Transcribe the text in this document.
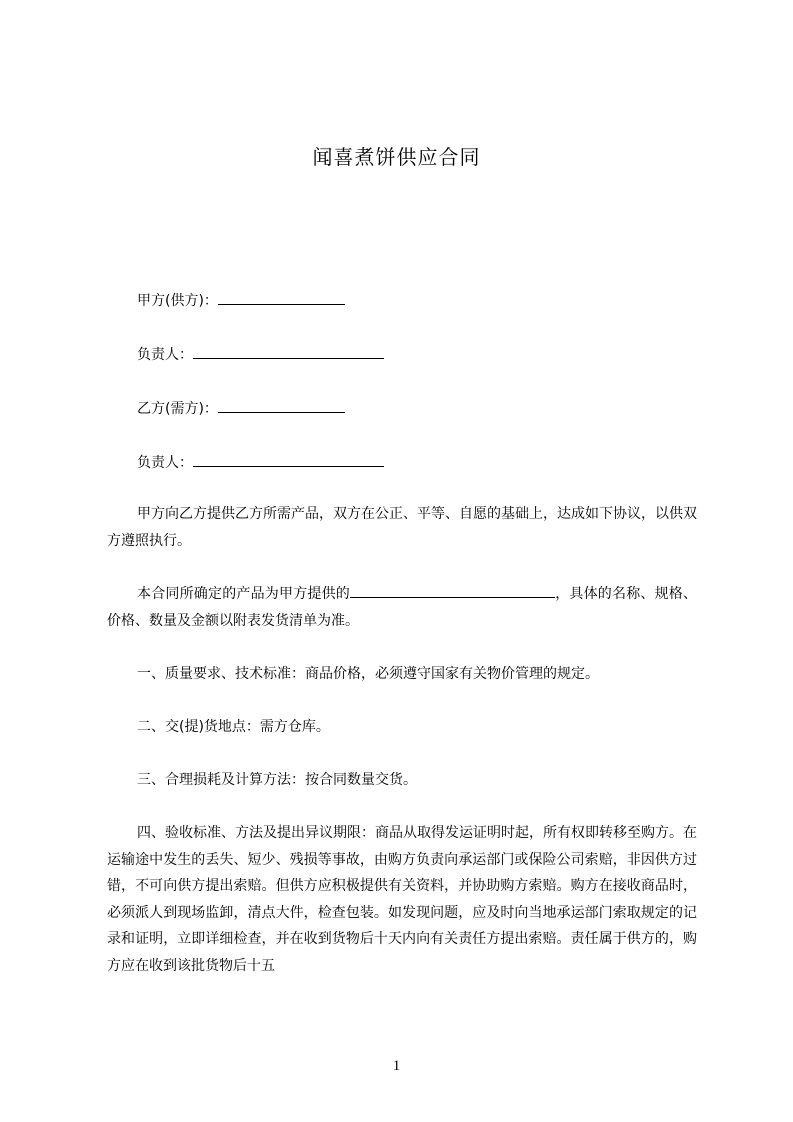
闻喜煮饼供应合同
甲方(供方)：
负责人：
乙方(需方)：
负责人：
甲方向乙方提供乙方所需产品，双方在公正、平等、自愿的基础上，达成如下协议，以供双方遵照执行。
本合同所确定的产品为甲方提供的	，具体的名称、规格、价格、数量及金额以附表发货清单为准。
一、质量要求、技术标准：商品价格，必须遵守国家有关物价管理的规定。
二、交(提)货地点：需方仓库。
三、合理损耗及计算方法：按合同数量交货。
四、验收标准、方法及提出异议期限：商品从取得发运证明时起，所有权即转移至购方。在运输途中发生的丢失、短少、残损等事故，由购方负责向承运部门或保险公司索赔，非因供方过错，不可向供方提出索赔。但供方应积极提供有关资料，并协助购方索赔。购方在接收商品时，必须派人到现场监卸，清点大件，检查包装。如发现问题，应及时向当地承运部门索取规定的记录和证明，立即详细检查，并在收到货物后十天内向有关责任方提出索赔。责任属于供方的，购方应在收到该批货物后十五
1
